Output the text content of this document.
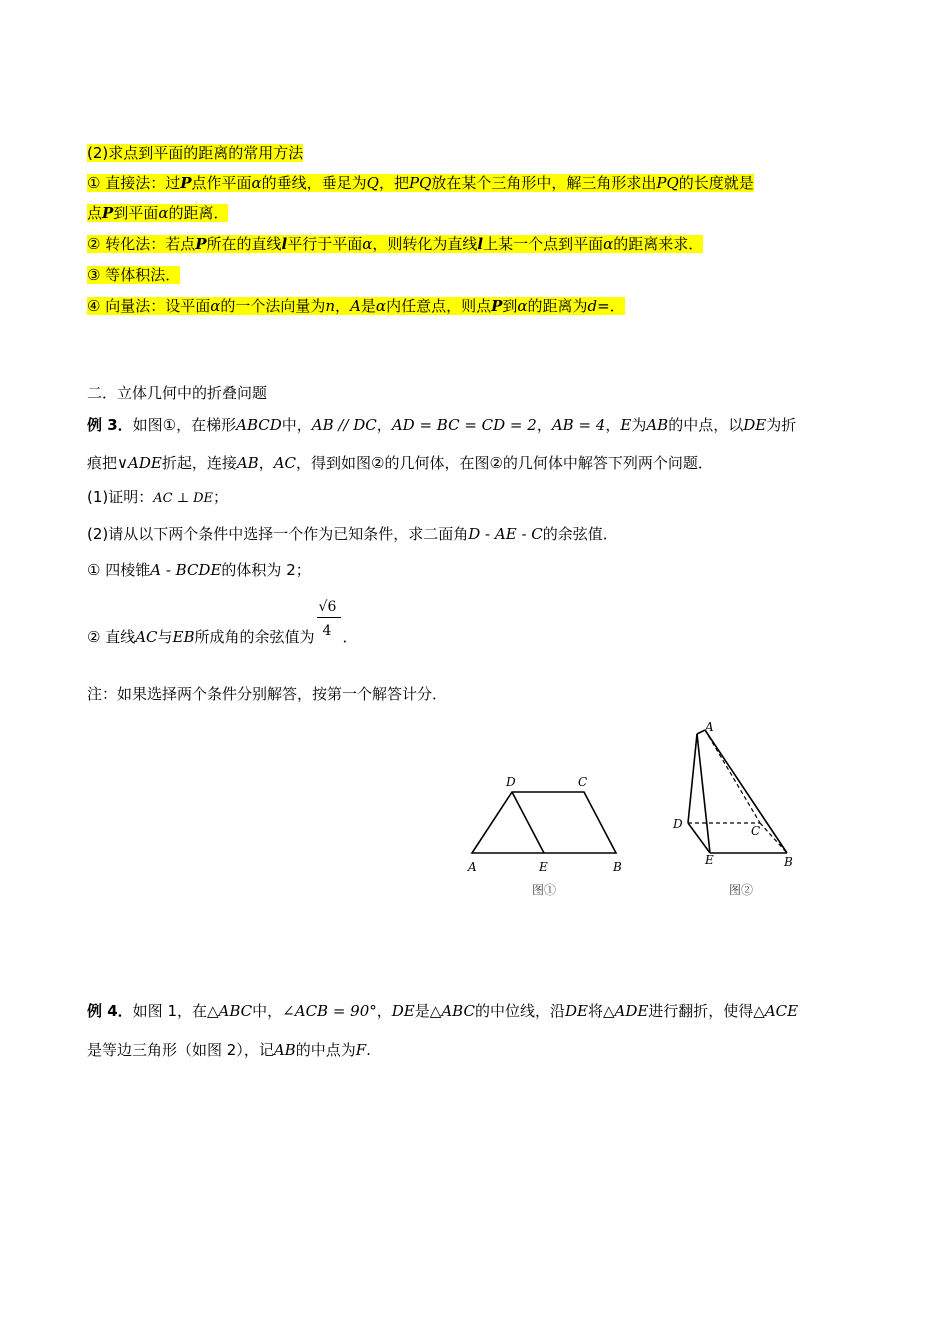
(2)求点到平面的距离的常用方法
① 直接法：过P点作平面α的垂线，垂足为Q，把PQ放在某个三角形中，解三角形求出PQ的长度就是
点P到平面α的距离．
② 转化法：若点P所在的直线l平行于平面α，则转化为直线l上某一个点到平面α的距离来求．
③ 等体积法．
④ 向量法：设平面α的一个法向量为n，A是α内任意点，则点P到α的距离为d=．
二．立体几何中的折叠问题
例 3．如图①，在梯形ABCD中，AB // DC，AD = BC = CD = 2，AB = 4，E为AB的中点，以DE为折
痕把∨ADE折起，连接AB，AC，得到如图②的几何体，在图②的几何体中解答下列两个问题．
(1)证明：AC ⊥ DE；
(2)请从以下两个条件中选择一个作为已知条件，求二面角D - AE - C的余弦值．
① 四棱锥A - BCDE的体积为 2；
② 直线AC与EB所成角的余弦值为 $\frac{√6}{4}$ ．
注：如果选择两个条件分别解答，按第一个解答计分．
D	C
A	E	B
图①
A
D	C
E	B
图②
例 4．如图 1，在△ABC中，∠ACB = 90°，DE是△ABC的中位线，沿DE将△ADE进行翻折，使得△ACE
是等边三角形（如图 2），记AB的中点为F.
